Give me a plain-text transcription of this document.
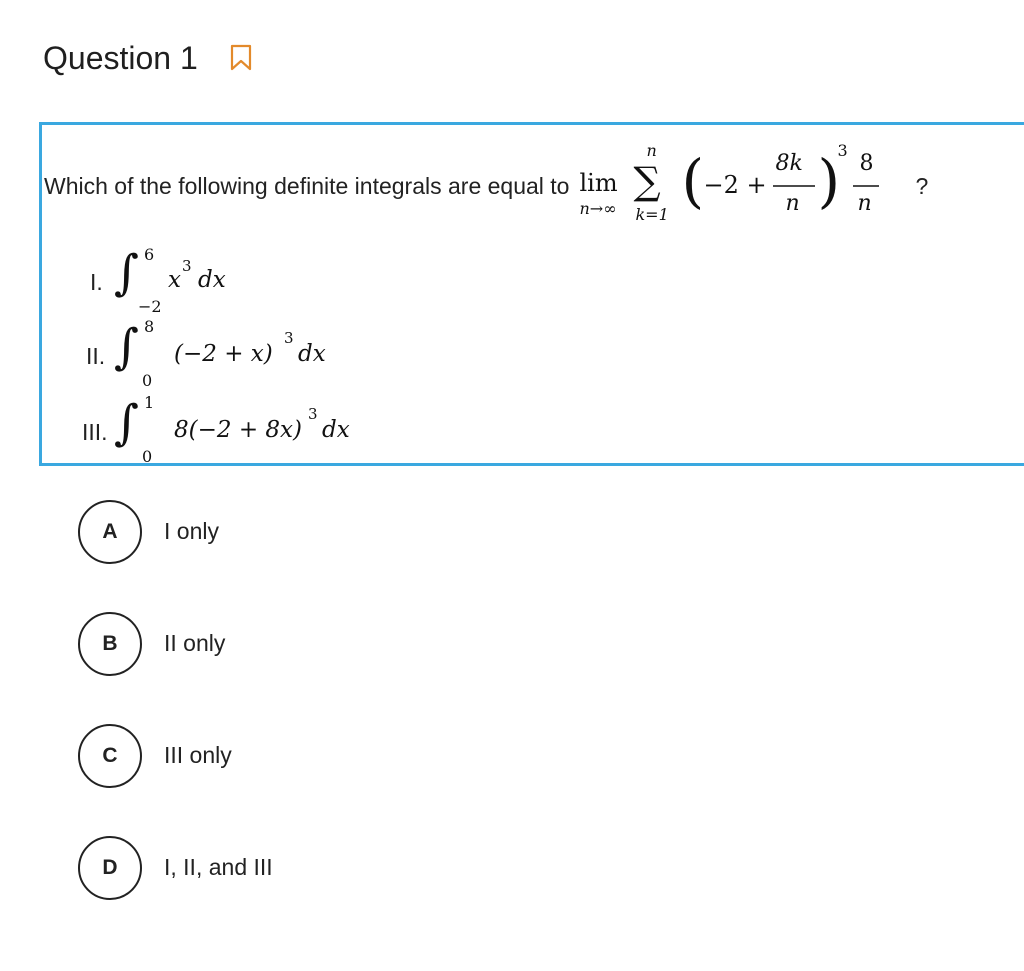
Question 1
Which of the following definite integrals are equal to lim
n→∞
n
∑
k=1 ( −2 +
8k
n )
3
8
n
?
I. ∫ 6
−2
x
3
dx
II. ∫ 8
0
(−2 + x)
3
dx
III. ∫ 1
0
8(−2 + 8x)
3
dx
A	I only
B	II only
C	III only
D	I, II, and III
